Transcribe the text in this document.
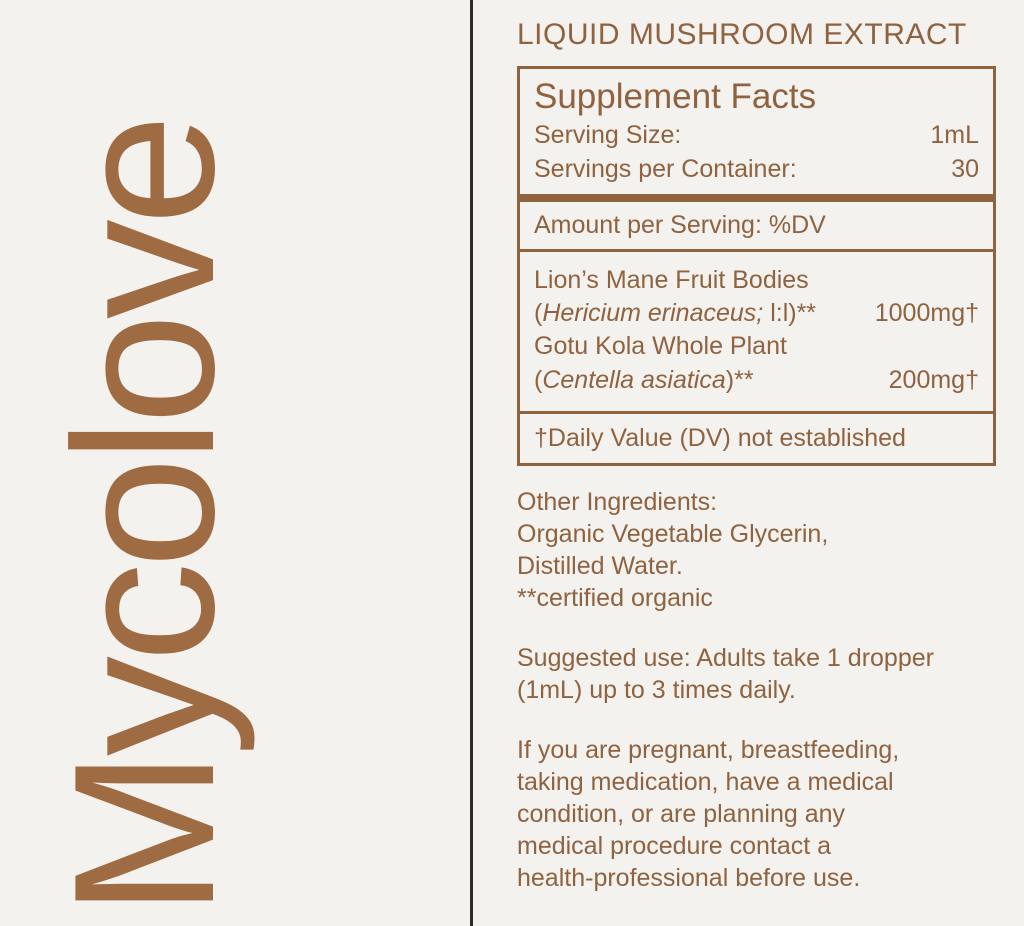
Mycolove
LIQUID MUSHROOM EXTRACT
Supplement Facts
Serving Size:	1mL
Servings per Container:	30
Amount per Serving: %DV
Lion’s Mane Fruit Bodies
(Hericium erinaceus; l:l)**	1000mg†
Gotu Kola Whole Plant
(Centella asiatica)**	200mg†
†Daily Value (DV) not established

Other Ingredients:

Organic Vegetable Glycerin,

Distilled Water.

**certified organic

Suggested use: Adults take 1 dropper

(1mL) up to 3 times daily.

If you are pregnant, breastfeeding,

taking medication, have a medical

condition, or are planning any

medical procedure contact a

health-professional before use.
